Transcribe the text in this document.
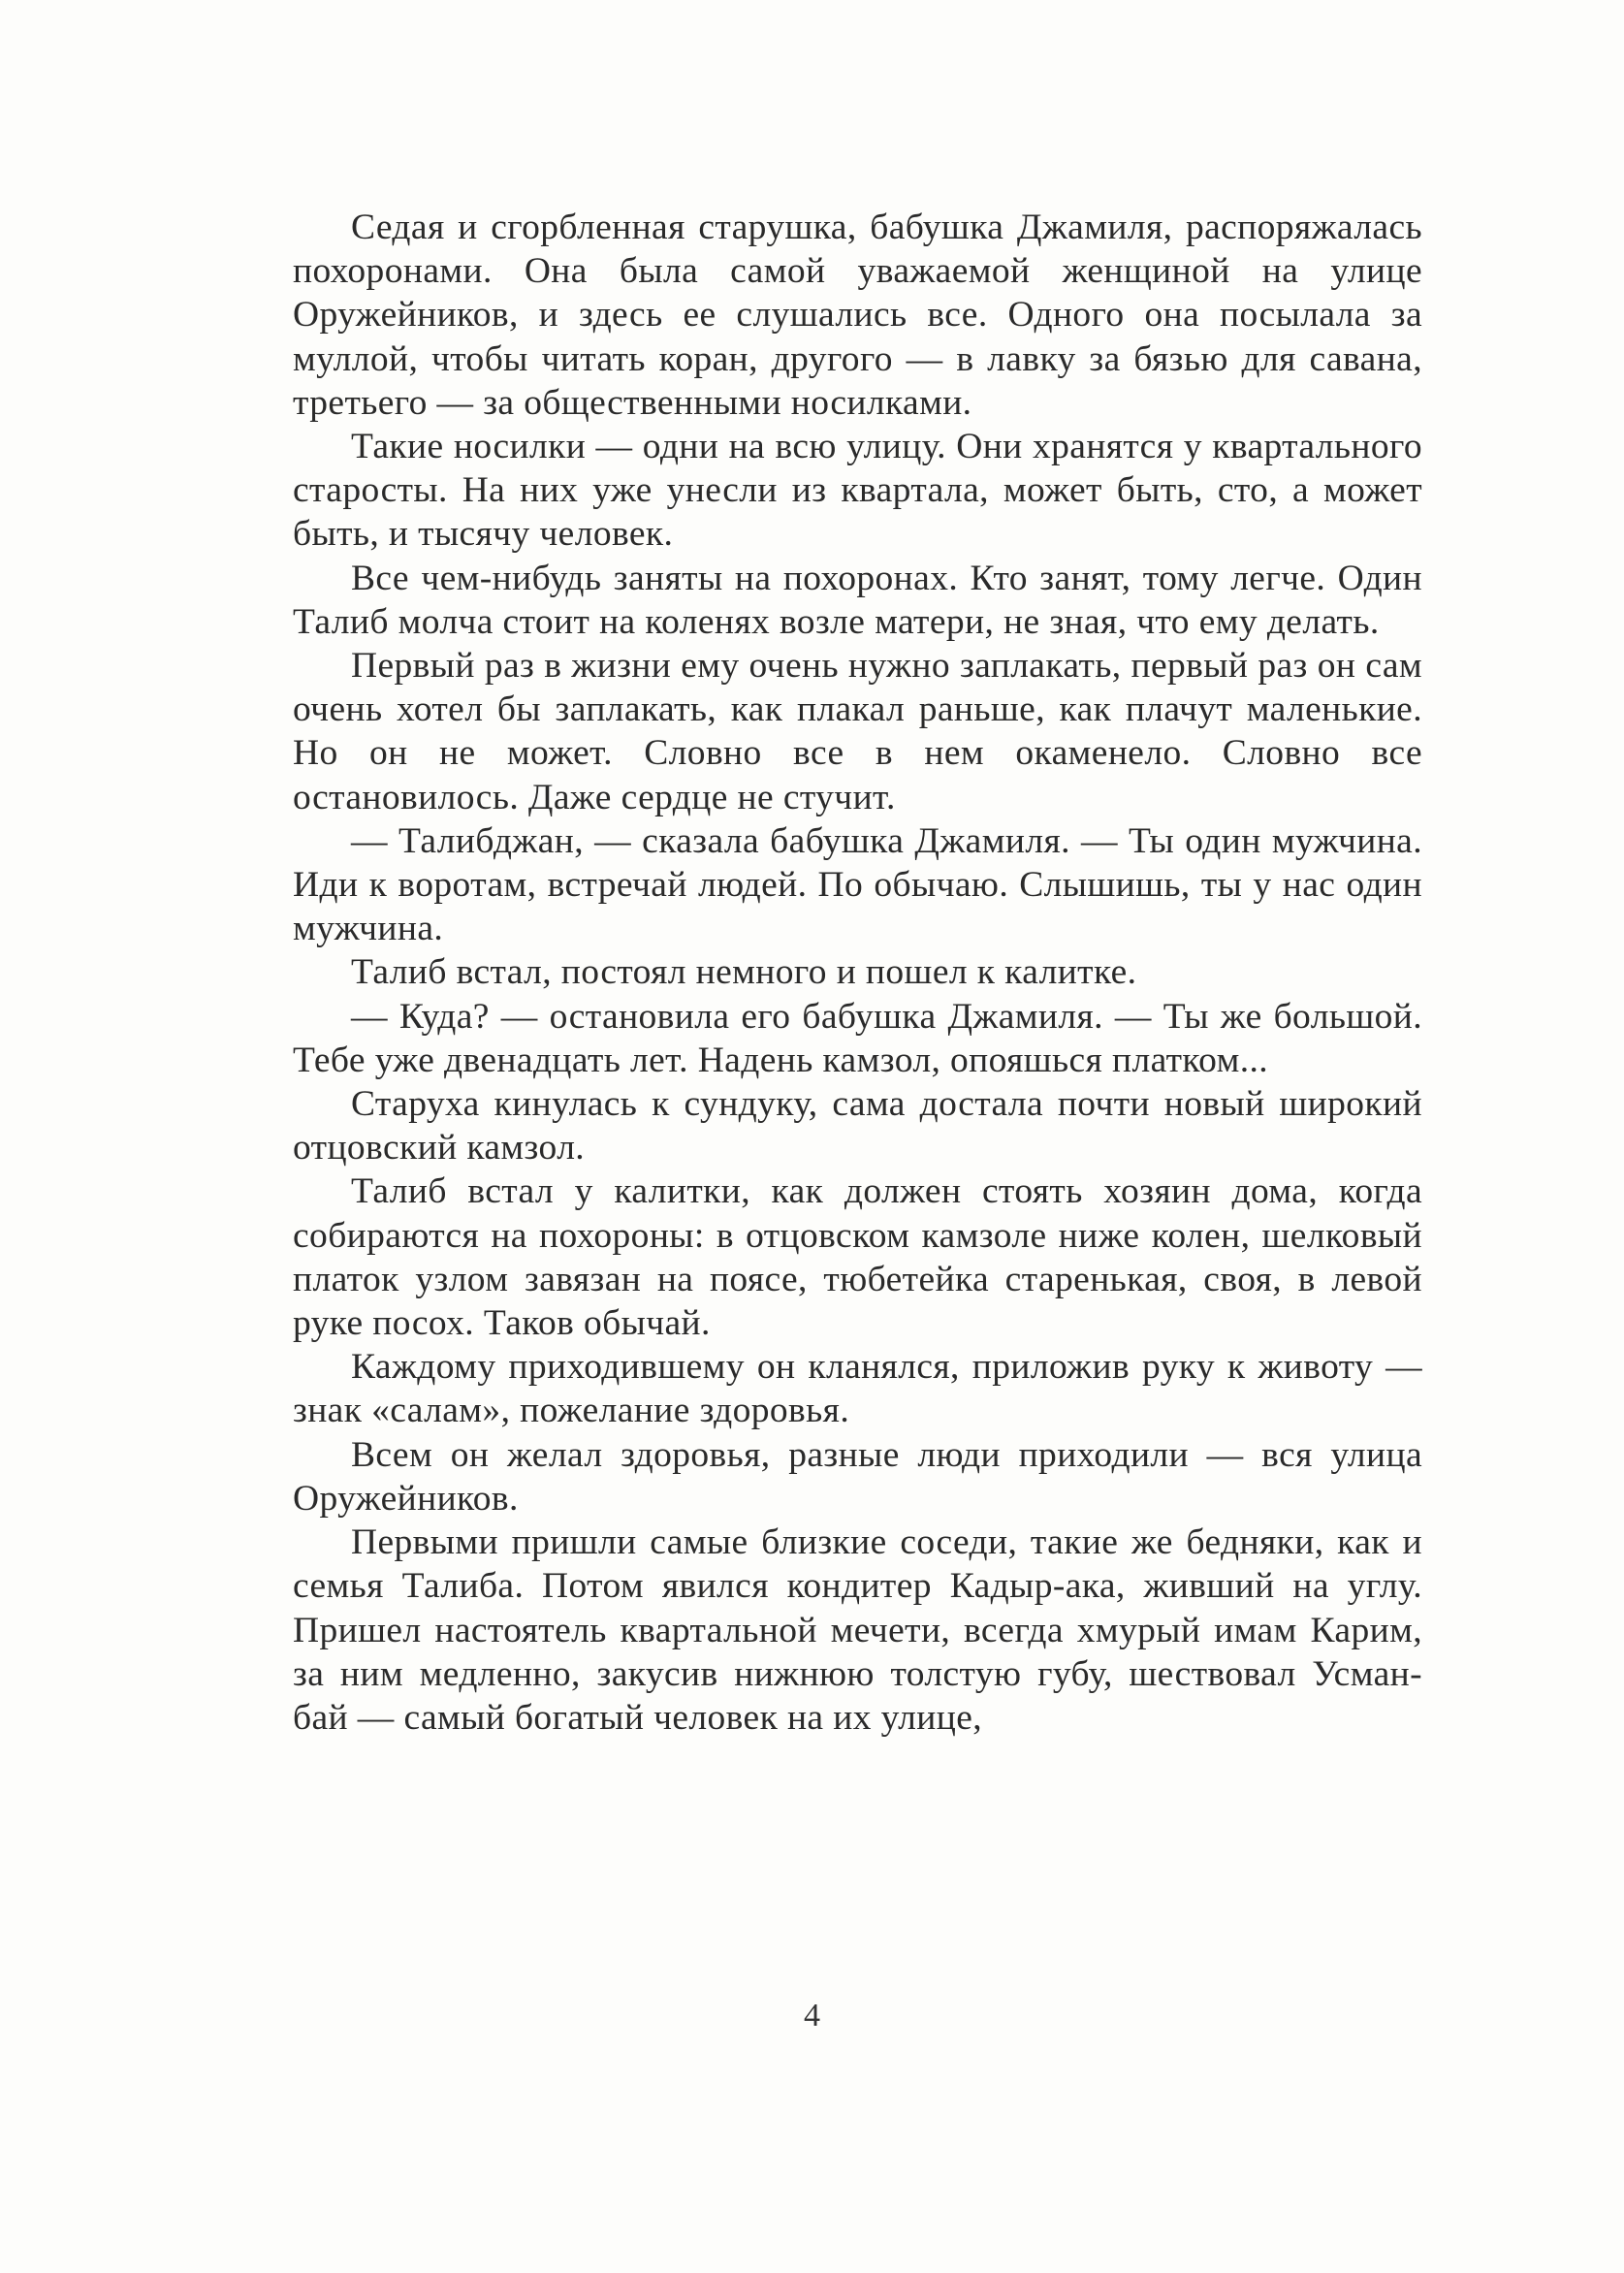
Седая и сгорбленная старушка, бабушка Джамиля, распоряжалась похоронами. Она была самой уважаемой женщиной на улице Оружейников, и здесь ее слушались все. Одного она посылала за муллой, чтобы читать коран, другого — в лавку за бязью для савана, третьего — за общественными носилками.

Такие носилки — одни на всю улицу. Они хранятся у квартального старосты. На них уже унесли из квартала, может быть, сто, а может быть, и тысячу человек.

Все чем-нибудь заняты на похоронах. Кто занят, тому легче. Один Талиб молча стоит на коленях возле матери, не зная, что ему делать.

Первый раз в жизни ему очень нужно заплакать, первый раз он сам очень хотел бы заплакать, как плакал раньше, как плачут маленькие. Но он не может. Словно все в нем окаменело. Словно все остановилось. Даже сердце не стучит.

— Талибджан, — сказала бабушка Джамиля. — Ты один мужчина. Иди к воротам, встречай людей. По обычаю. Слышишь, ты у нас один мужчина.

Талиб встал, постоял немного и пошел к калитке.

— Куда? — остановила его бабушка Джамиля. — Ты же большой. Тебе уже двенадцать лет. Надень камзол, опояшься платком...

Старуха кинулась к сундуку, сама достала почти новый широкий отцовский камзол.

Талиб встал у калитки, как должен стоять хозяин дома, когда собираются на похороны: в отцовском камзоле ниже колен, шелковый платок узлом завязан на поясе, тюбетейка старенькая, своя, в левой руке посох. Таков обычай.

Каждому приходившему он кланялся, приложив руку к животу — знак «салам», пожелание здоровья.

Всем он желал здоровья, разные люди приходили — вся улица Оружейников.

Первыми пришли самые близкие соседи, такие же бедняки, как и семья Талиба. Потом явился кондитер Кадыр-ака, живший на углу. Пришел настоятель квартальной мечети, всегда хмурый имам Карим, за ним медленно, закусив нижнюю толстую губу, шествовал Усман-бай — самый богатый человек на их улице,

4
